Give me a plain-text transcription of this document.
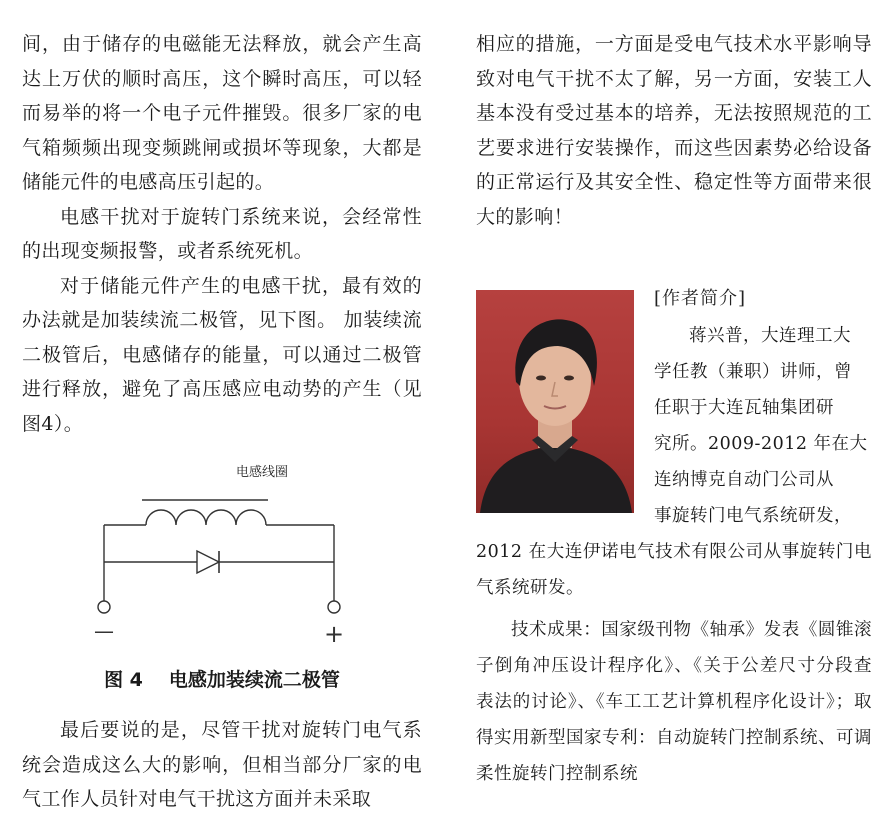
间，由于储存的电磁能无法释放，就会产生高达上万伏的顺时高压，这个瞬时高压，可以轻而易举的将一个电子元件摧毁。很多厂家的电气箱频频出现变频跳闸或损坏等现象，大都是储能元件的电感高压引起的。

电感干扰对于旋转门系统来说，会经常性的出现变频报警，或者系统死机。

对于储能元件产生的电感干扰，最有效的办法就是加装续流二极管，见下图。 加装续流二极管后，电感储存的能量，可以通过二极管进行释放，避免了高压感应电动势的产生（见图4）。

电感线圈
—	+
图 4 电感加装续流二极管

最后要说的是，尽管干扰对旋转门电气系统会造成这么大的影响，但相当部分厂家的电气工作人员针对电气干扰这方面并未采取

相应的措施，一方面是受电气技术水平影响导致对电气干扰不太了解，另一方面，安装工人基本没有受过基本的培养，无法按照规范的工艺要求进行安装操作，而这些因素势必给设备的正常运行及其安全性、稳定性等方面带来很大的影响！

[作者简介]

蒋兴普，大连理工大

学任教（兼职）讲师，曾

任职于大连瓦轴集团研

究所。2009-2012 年在大

连纳博克自动门公司从

事旋转门电气系统研发，

2012 在大连伊诺电气技术有限公司从事旋转门电气系统研发。

技术成果：国家级刊物《轴承》发表《圆锥滚子倒角冲压设计程序化》、《关于公差尺寸分段查表法的讨论》、《车工工艺计算机程序化设计》；取得实用新型国家专利：自动旋转门控制系统、可调柔性旋转门控制系统
